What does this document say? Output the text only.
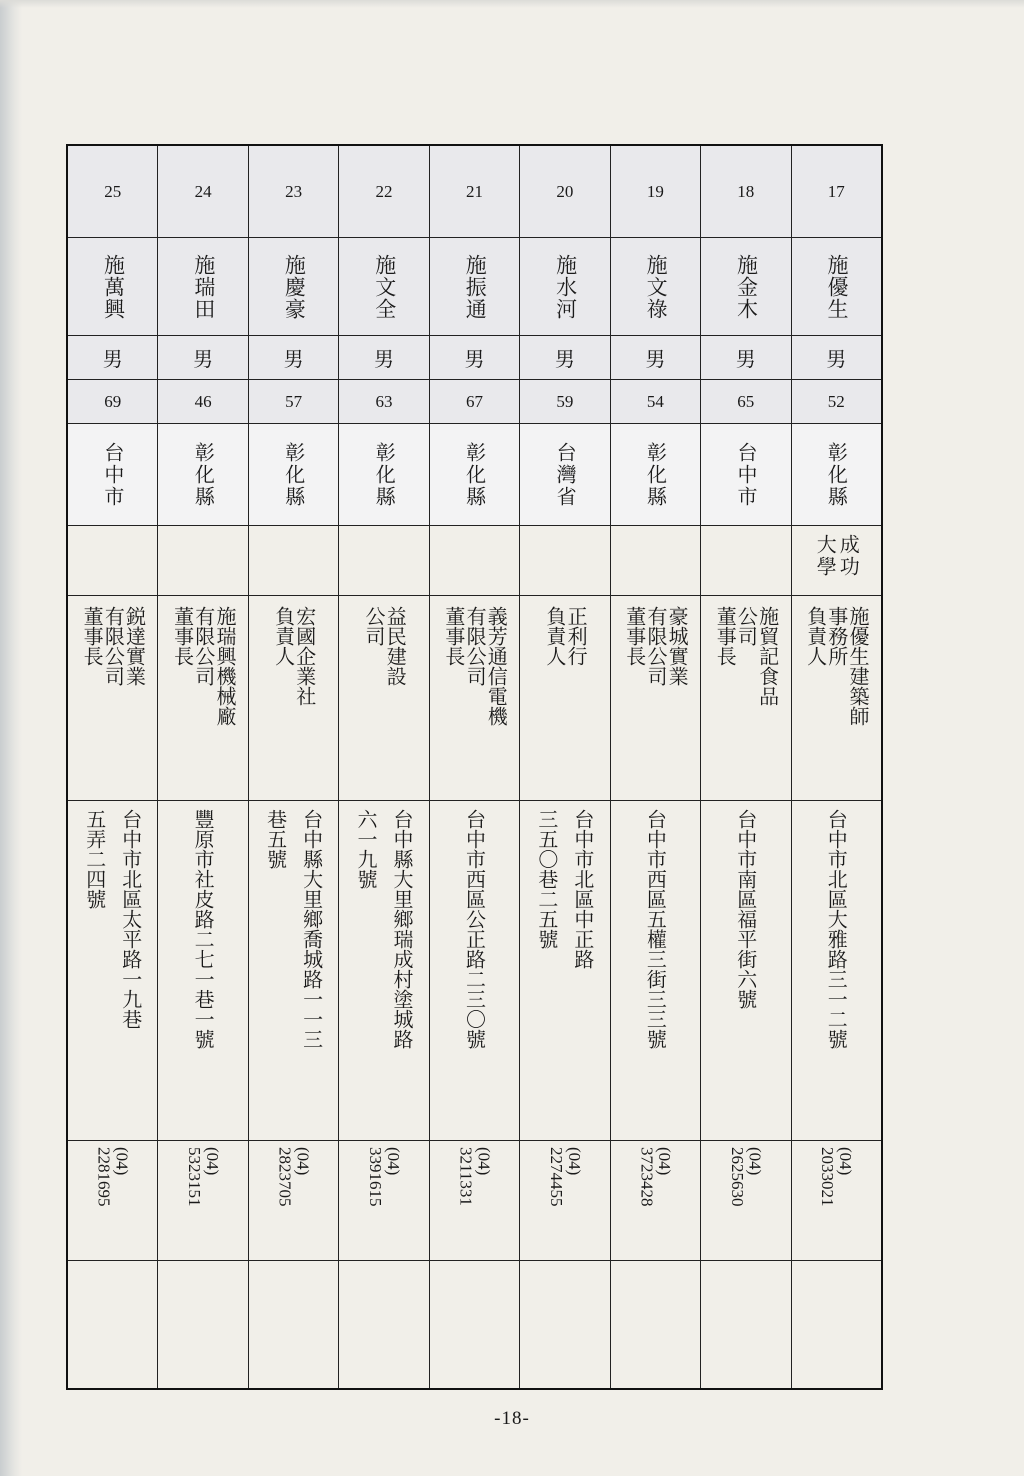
25
施萬興
男
69
台中市
鋭達實業
有限公司
董事長
台中市北區太平路一九巷
五弄二四號
(04)
2281695
24
施瑞田
男
46
彰化縣
施瑞興機械廠
有限公司
董事長
豐原市社皮路二七一巷一號
(04)
5323151
23
施慶豪
男
57
彰化縣
宏國企業社
負責人
台中縣大里鄉喬城路一一三
巷五號
(04)
2823705
22
施文全
男
63
彰化縣
益民建設
公司
台中縣大里鄉瑞成村塗城路
六一九號
(04)
3391615
21
施振通
男
67
彰化縣
義芳通信電機
有限公司
董事長
台中市西區公正路二三〇號
(04)
3211331
20
施水河
男
59
台灣省
正利行
負責人
台中市北區中正路
三五〇巷二五號
(04)
2274455
19
施文祿
男
54
彰化縣
豪城實業
有限公司
董事長
台中市西區五權三街三三號
(04)
3723428
18
施金木
男
65
台中市
施貿記食品
公司
董事長
台中市南區福平街六號
(04)
2625630
17
施優生
男
52
彰化縣
成功
大學
施優生建築師
事務所
負責人
台中市北區大雅路三一二號
(04)
2033021
-18-
